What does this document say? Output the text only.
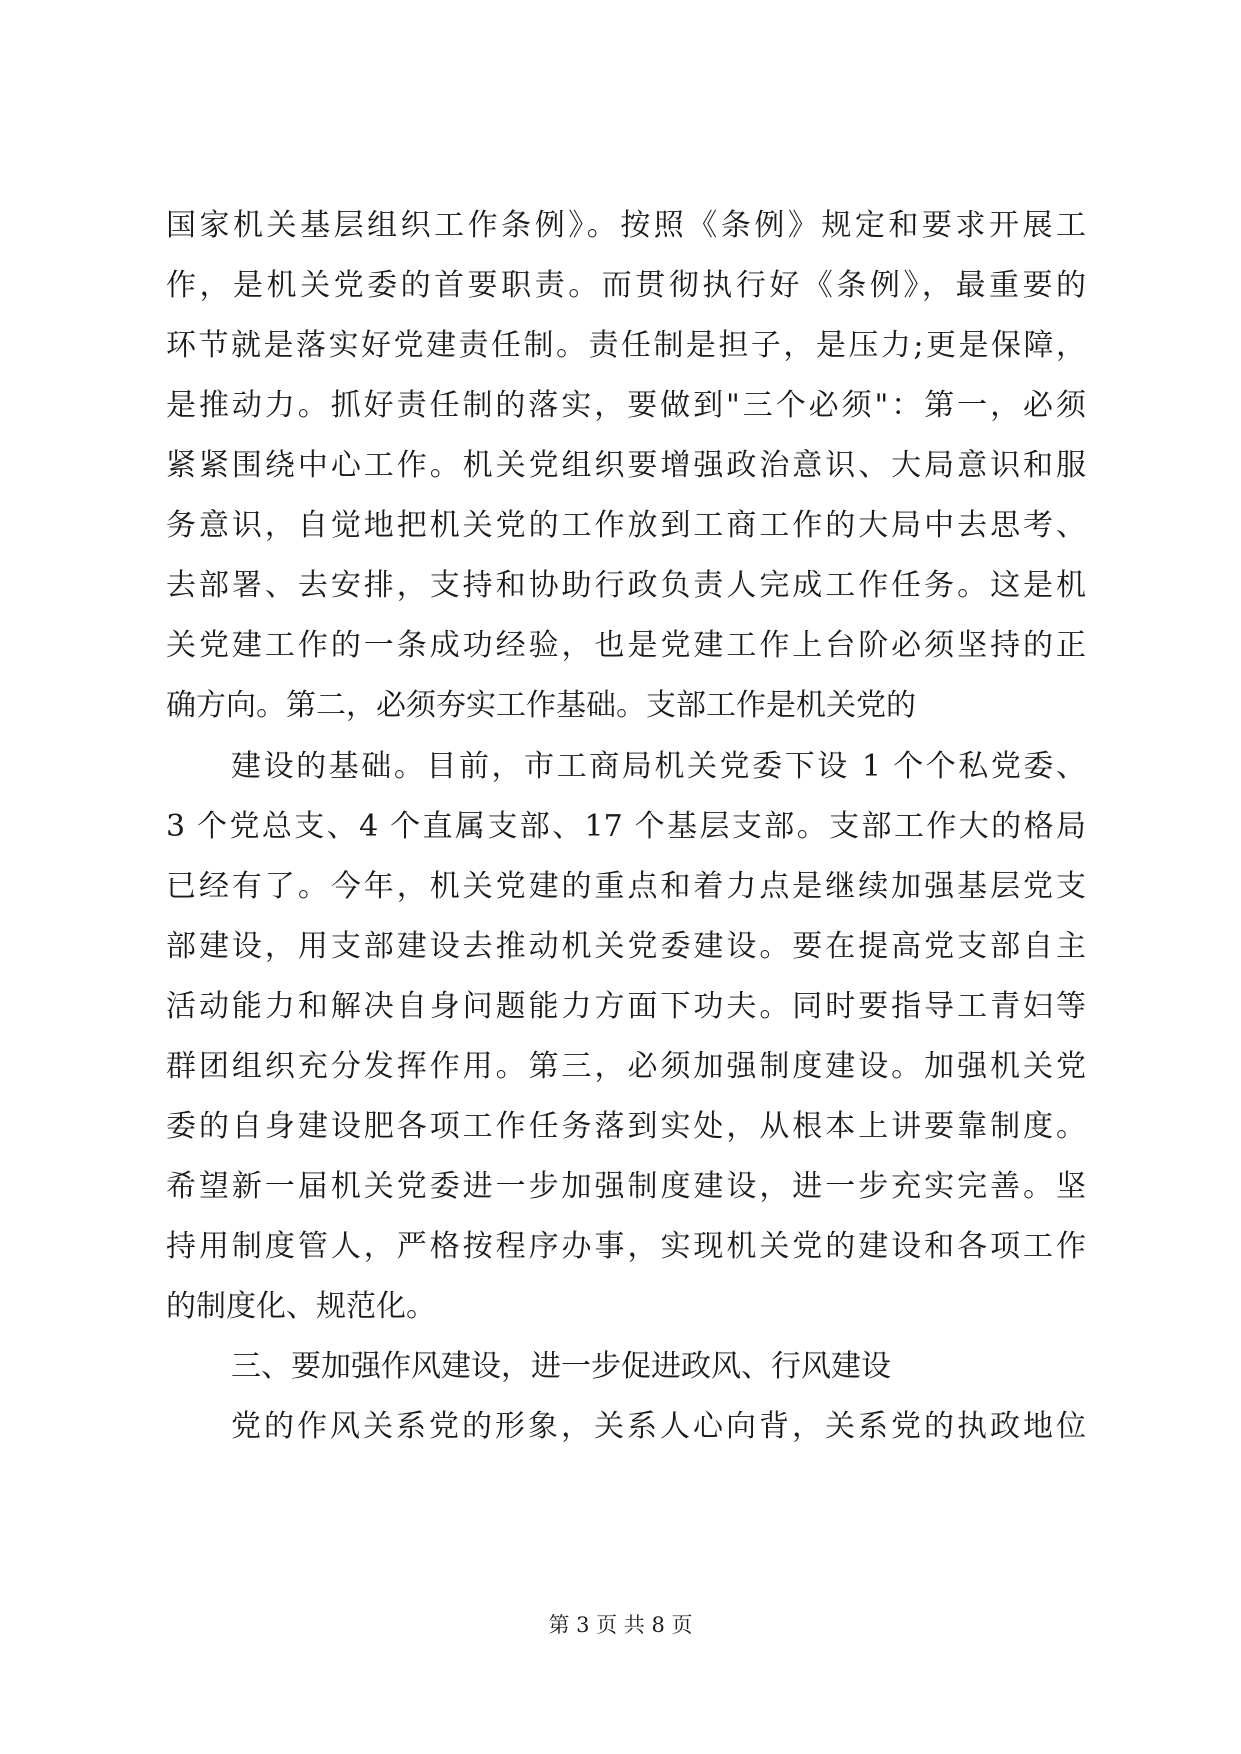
国家机关基层组织工作条例》。按照《条例》规定和要求开展工
作，是机关党委的首要职责。而贯彻执行好《条例》，最重要的
环节就是落实好党建责任制。责任制是担子，是压力;更是保障，
是推动力。抓好责任制的落实，要做到"三个必须"：第一，必须
紧紧围绕中心工作。机关党组织要增强政治意识、大局意识和服
务意识，自觉地把机关党的工作放到工商工作的大局中去思考、
去部署、去安排，支持和协助行政负责人完成工作任务。这是机
关党建工作的一条成功经验，也是党建工作上台阶必须坚持的正
确方向。第二，必须夯实工作基础。支部工作是机关党的
建设的基础。目前，市工商局机关党委下设 1 个个私党委、
3 个党总支、4 个直属支部、17 个基层支部。支部工作大的格局
已经有了。今年，机关党建的重点和着力点是继续加强基层党支
部建设，用支部建设去推动机关党委建设。要在提高党支部自主
活动能力和解决自身问题能力方面下功夫。同时要指导工青妇等
群团组织充分发挥作用。第三，必须加强制度建设。加强机关党
委的自身建设肥各项工作任务落到实处，从根本上讲要靠制度。
希望新一届机关党委进一步加强制度建设，进一步充实完善。坚
持用制度管人，严格按程序办事，实现机关党的建设和各项工作
的制度化、规范化。
三、要加强作风建设，进一步促进政风、行风建设
党的作风关系党的形象，关系人心向背，关系党的执政地位
第 3 页 共 8 页
